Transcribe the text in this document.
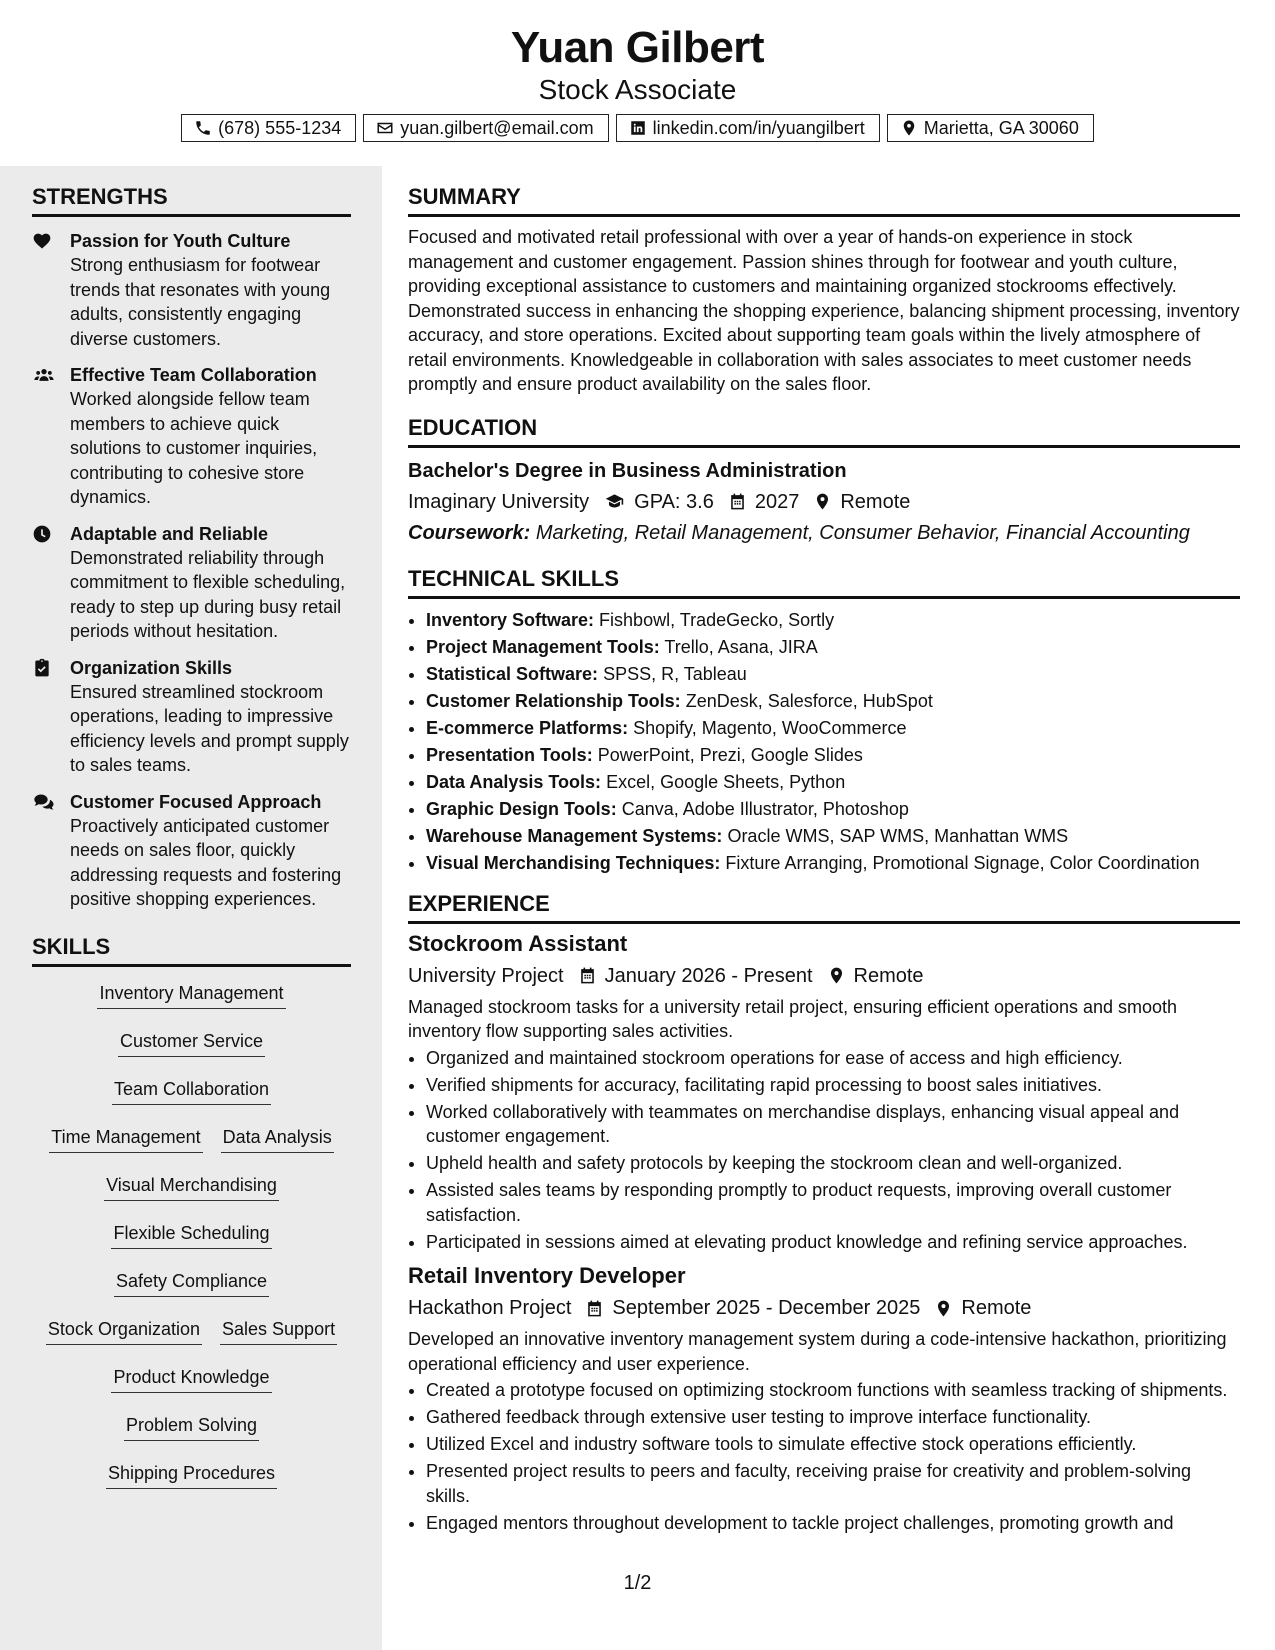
Yuan Gilbert
Stock Associate
(678) 555-1234	yuan.gilbert@email.com	linkedin.com/in/yuangilbert	Marietta, GA 30060
STRENGTHS
Passion for Youth Culture
Strong enthusiasm for footwear trends that resonates with young adults, consistently engaging diverse customers.
Effective Team Collaboration
Worked alongside fellow team members to achieve quick solutions to customer inquiries, contributing to cohesive store dynamics.
Adaptable and Reliable
Demonstrated reliability through commitment to flexible scheduling, ready to step up during busy retail periods without hesitation.
Organization Skills
Ensured streamlined stockroom operations, leading to impressive efficiency levels and prompt supply to sales teams.
Customer Focused Approach
Proactively anticipated customer needs on sales floor, quickly addressing requests and fostering positive shopping experiences.
SKILLS
Inventory Management
Customer Service
Team Collaboration
Time Management Data Analysis
Visual Merchandising
Flexible Scheduling
Safety Compliance
Stock Organization Sales Support
Product Knowledge
Problem Solving
Shipping Procedures
SUMMARY

Focused and motivated retail professional with over a year of hands-on experience in stock management and customer engagement. Passion shines through for footwear and youth culture, providing exceptional assistance to customers and maintaining organized stockrooms effectively. Demonstrated success in enhancing the shopping experience, balancing shipment processing, inventory accuracy, and store operations. Excited about supporting team goals within the lively atmosphere of retail environments. Knowledgeable in collaboration with sales associates to meet customer needs promptly and ensure product availability on the sales floor.

EDUCATION
Bachelor's Degree in Business Administration
Imaginary University GPA: 3.6 2027 Remote
Coursework: Marketing, Retail Management, Consumer Behavior, Financial Accounting
TECHNICAL SKILLS
• Inventory Software: Fishbowl, TradeGecko, Sortly
• Project Management Tools: Trello, Asana, JIRA
• Statistical Software: SPSS, R, Tableau
• Customer Relationship Tools: ZenDesk, Salesforce, HubSpot
• E-commerce Platforms: Shopify, Magento, WooCommerce
• Presentation Tools: PowerPoint, Prezi, Google Slides
• Data Analysis Tools: Excel, Google Sheets, Python
• Graphic Design Tools: Canva, Adobe Illustrator, Photoshop
• Warehouse Management Systems: Oracle WMS, SAP WMS, Manhattan WMS
• Visual Merchandising Techniques: Fixture Arranging, Promotional Signage, Color Coordination
EXPERIENCE
Stockroom Assistant
University Project January 2026 - Present Remote

Managed stockroom tasks for a university retail project, ensuring efficient operations and smooth inventory flow supporting sales activities.

• Organized and maintained stockroom operations for ease of access and high efficiency.
• Verified shipments for accuracy, facilitating rapid processing to boost sales initiatives.
• Worked collaboratively with teammates on merchandise displays, enhancing visual appeal and customer engagement.
• Upheld health and safety protocols by keeping the stockroom clean and well-organized.
• Assisted sales teams by responding promptly to product requests, improving overall customer satisfaction.
• Participated in sessions aimed at elevating product knowledge and refining service approaches.
Retail Inventory Developer
Hackathon Project September 2025 - December 2025 Remote

Developed an innovative inventory management system during a code-intensive hackathon, prioritizing operational efficiency and user experience.

• Created a prototype focused on optimizing stockroom functions with seamless tracking of shipments.
• Gathered feedback through extensive user testing to improve interface functionality.
• Utilized Excel and industry software tools to simulate effective stock operations efficiently.
• Presented project results to peers and faculty, receiving praise for creativity and problem-solving skills.
• Engaged mentors throughout development to tackle project challenges, promoting growth and
1/2
